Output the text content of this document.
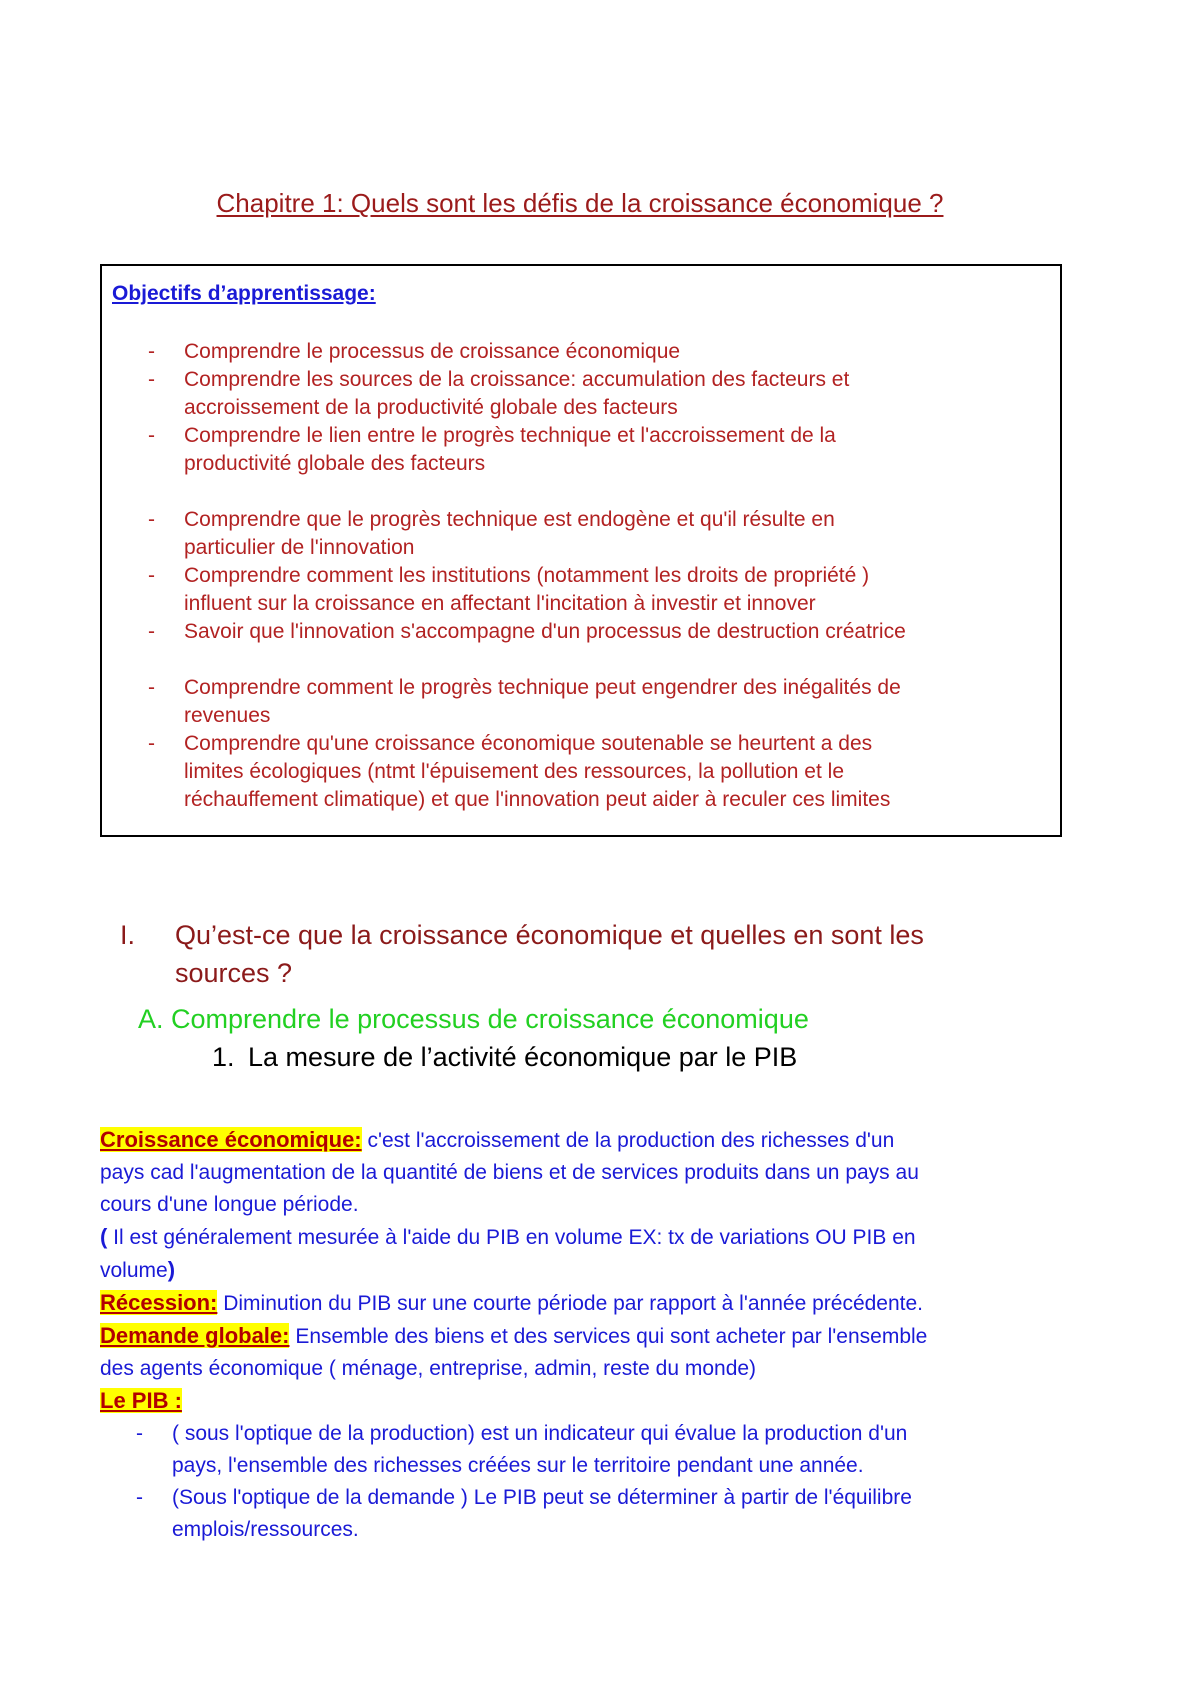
Chapitre 1: Quels sont les défis de la croissance économique ?
Objectifs d’apprentissage:
- Comprendre le processus de croissance économique
- Comprendre les sources de la croissance: accumulation des facteurs et
accroissement de la productivité globale des facteurs
- Comprendre le lien entre le progrès technique et l'accroissement de la
productivité globale des facteurs
- Comprendre que le progrès technique est endogène et qu'il résulte en
particulier de l'innovation
- Comprendre comment les institutions (notamment les droits de propriété )
influent sur la croissance en affectant l'incitation à investir et innover
- Savoir que l'innovation s'accompagne d'un processus de destruction créatrice
- Comprendre comment le progrès technique peut engendrer des inégalités de
revenues
- Comprendre qu'une croissance économique soutenable se heurtent a des
limites écologiques (ntmt l'épuisement des ressources, la pollution et le
réchauffement climatique) et que l'innovation peut aider à reculer ces limites
I.	Qu’est-ce que la croissance économique et quelles en sont les
sources ?
A. Comprendre le processus de croissance économique
1. La mesure de l’activité économique par le PIB
Croissance économique: c'est l'accroissement de la production des richesses d'un
pays cad l'augmentation de la quantité de biens et de services produits dans un pays au
cours d'une longue période.
( Il est généralement mesurée à l'aide du PIB en volume EX: tx de variations OU PIB en
volume)
Récession: Diminution du PIB sur une courte période par rapport à l'année précédente.
Demande globale: Ensemble des biens et des services qui sont acheter par l'ensemble
des agents économique ( ménage, entreprise, admin, reste du monde)
Le PIB :
- ( sous l'optique de la production) est un indicateur qui évalue la production d'un
pays, l'ensemble des richesses créées sur le territoire pendant une année.
- (Sous l'optique de la demande ) Le PIB peut se déterminer à partir de l'équilibre
emplois/ressources.
